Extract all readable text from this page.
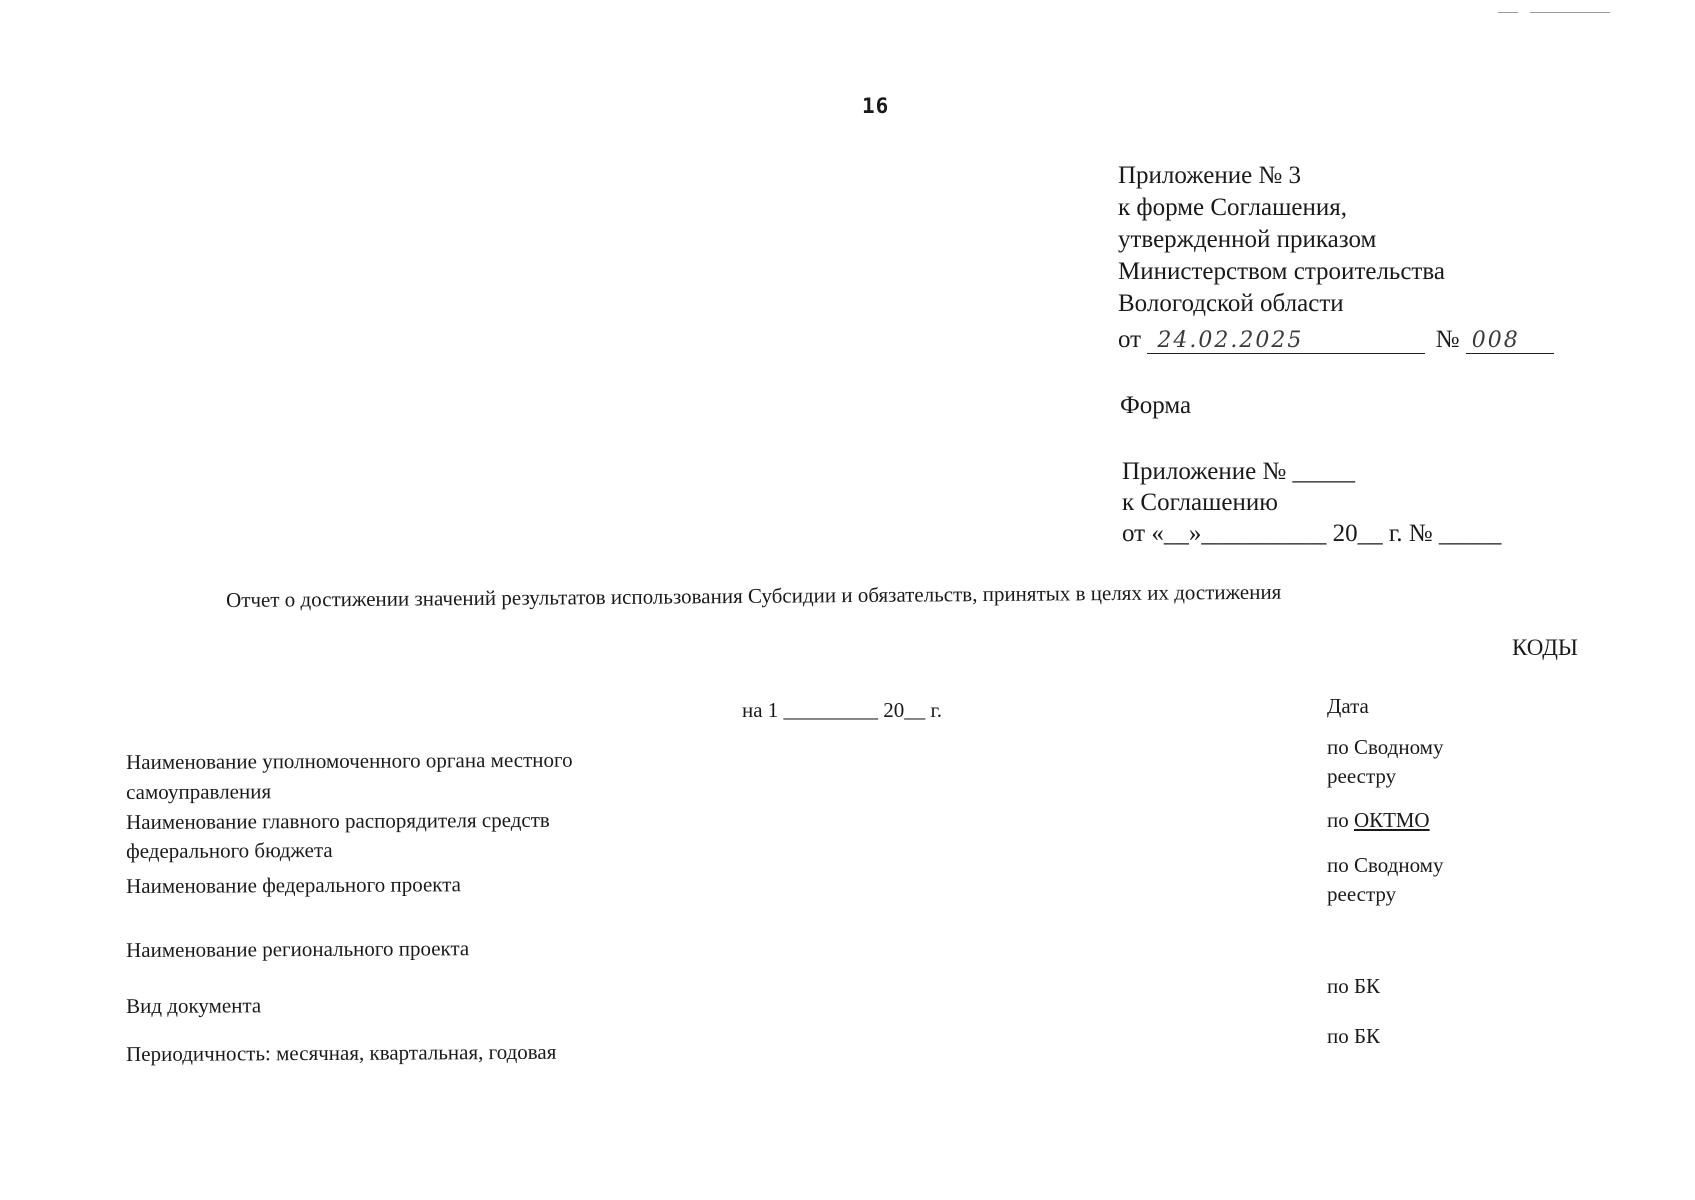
16
Приложение № 3
к форме Соглашения,
утвержденной приказом
Министерством строительства
Вологодской области
от 24.02.2025	№ 008
Форма
Приложение № _____
к Соглашению
от «__»__________ 20__ г. № _____
Отчет о достижении значений результатов использования Субсидии и обязательств, принятых в целях их достижения
КОДЫ
на 1 _________ 20__ г.
Наименование уполномоченного органа местного
самоуправления
Наименование главного распорядителя средств
федерального бюджета
Наименование федерального проекта
Наименование регионального проекта
Вид документа
Периодичность: месячная, квартальная, годовая
Дата
по Сводному
реестру
по ОКТМО
по Сводному
реестру
по БК
по БК
